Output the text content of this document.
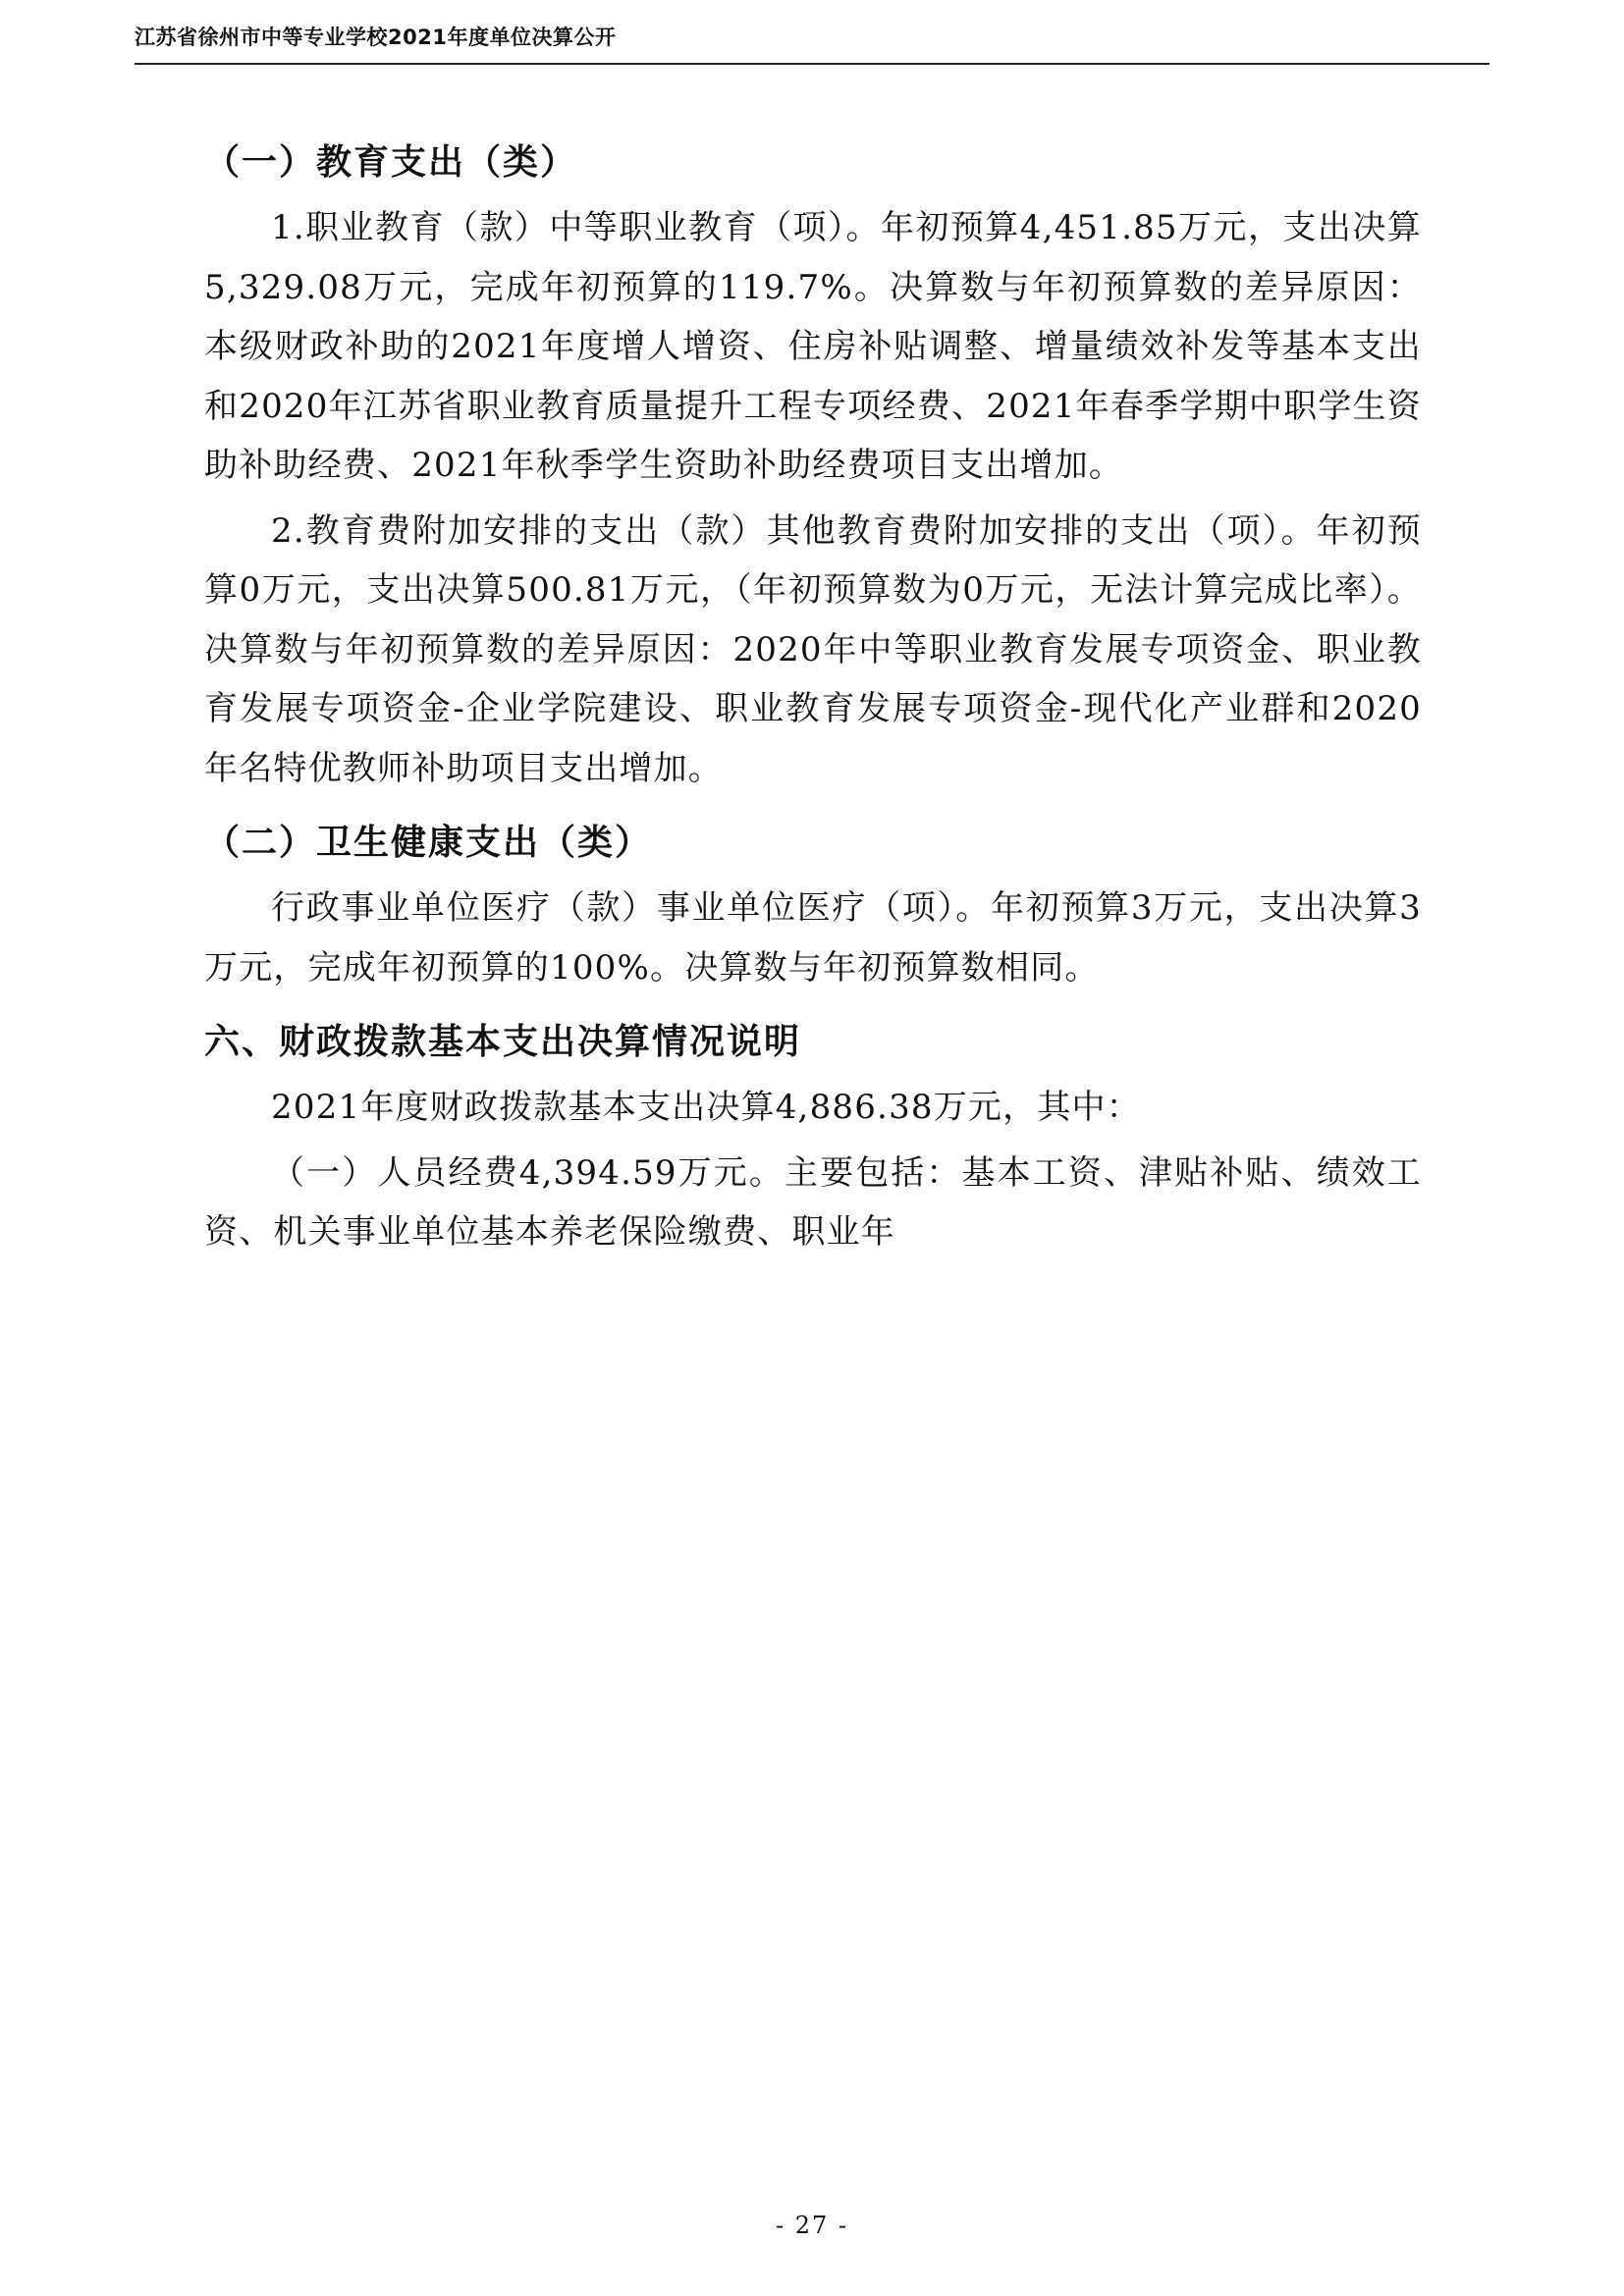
江苏省徐州市中等专业学校2021年度单位决算公开
（一）教育支出（类）
1.职业教育（款）中等职业教育（项）。年初预算4,451.85万元，支出决算5,329.08万元，完成年初预算的119.7%。决算数与年初预算数的差异原因：本级财政补助的2021年度增人增资、住房补贴调整、增量绩效补发等基本支出和2020年江苏省职业教育质量提升工程专项经费、2021年春季学期中职学生资助补助经费、2021年秋季学生资助补助经费项目支出增加。
2.教育费附加安排的支出（款）其他教育费附加安排的支出（项）。年初预算0万元，支出决算500.81万元，（年初预算数为0万元，无法计算完成比率）。决算数与年初预算数的差异原因：2020年中等职业教育发展专项资金、职业教育发展专项资金-企业学院建设、职业教育发展专项资金-现代化产业群和2020年名特优教师补助项目支出增加。
（二）卫生健康支出（类）
行政事业单位医疗（款）事业单位医疗（项）。年初预算3万元，支出决算3万元，完成年初预算的100%。决算数与年初预算数相同。
六、财政拨款基本支出决算情况说明
2021年度财政拨款基本支出决算4,886.38万元，其中：
（一）人员经费4,394.59万元。主要包括：基本工资、津贴补贴、绩效工资、机关事业单位基本养老保险缴费、职业年
- 27 -
